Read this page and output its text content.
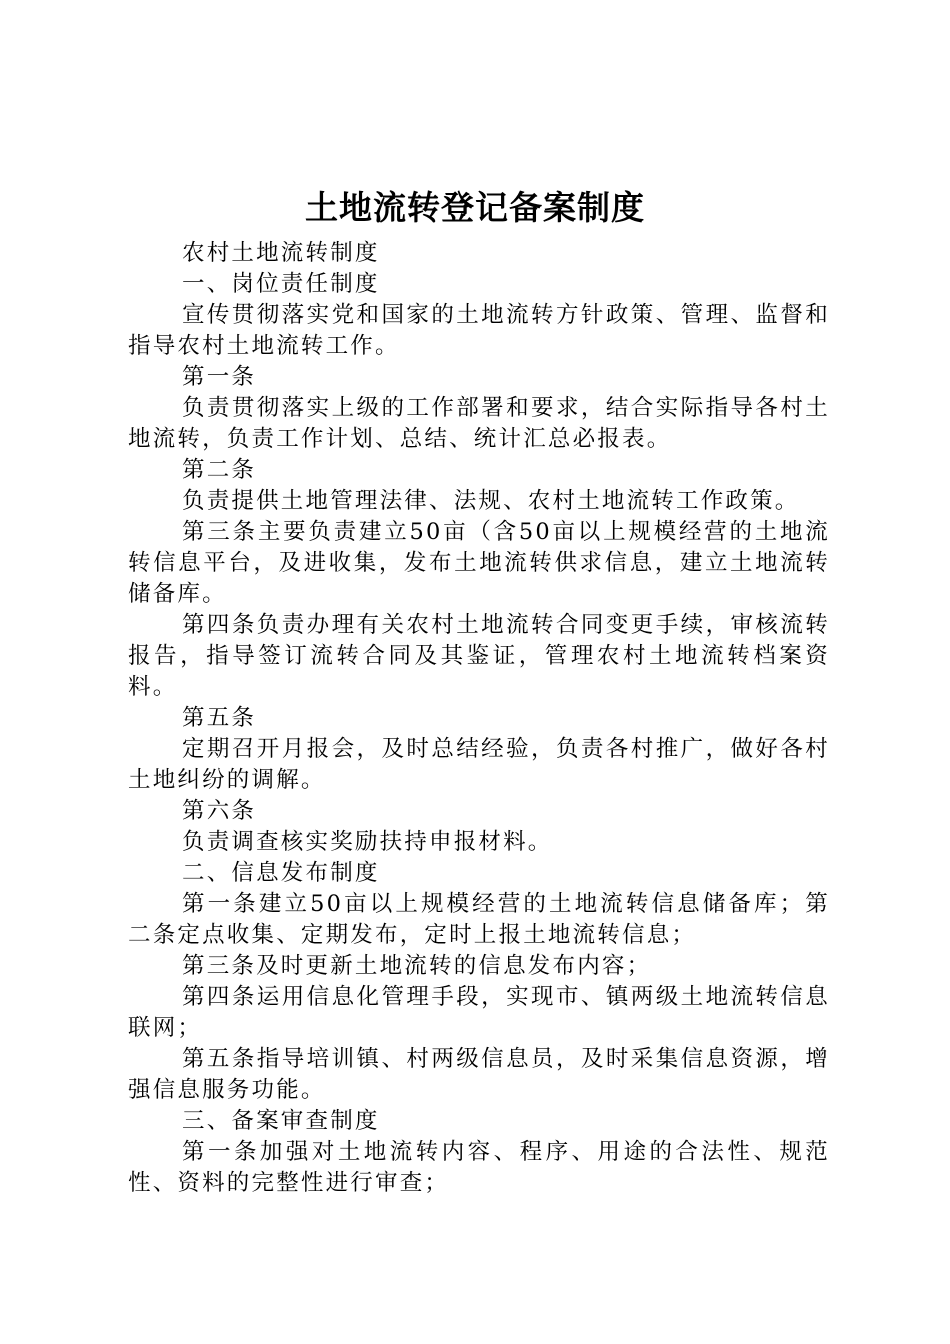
土地流转登记备案制度

农村土地流转制度

一、岗位责任制度

宣传贯彻落实党和国家的土地流转方针政策、管理、监督和指导农村土地流转工作。

第一条

负责贯彻落实上级的工作部署和要求，结合实际指导各村土地流转，负责工作计划、总结、统计汇总必报表。

第二条

负责提供土地管理法律、法规、农村土地流转工作政策。

第三条主要负责建立50亩（含50亩以上规模经营的土地流转信息平台，及进收集，发布土地流转供求信息，建立土地流转储备库。

第四条负责办理有关农村土地流转合同变更手续，审核流转报告，指导签订流转合同及其鉴证，管理农村土地流转档案资料。

第五条

定期召开月报会，及时总结经验，负责各村推广，做好各村土地纠纷的调解。

第六条

负责调查核实奖励扶持申报材料。

二、信息发布制度

第一条建立50亩以上规模经营的土地流转信息储备库；第二条定点收集、定期发布，定时上报土地流转信息；

第三条及时更新土地流转的信息发布内容；

第四条运用信息化管理手段，实现市、镇两级土地流转信息联网；

第五条指导培训镇、村两级信息员，及时采集信息资源，增强信息服务功能。

三、备案审查制度

第一条加强对土地流转内容、程序、用途的合法性、规范性、资料的完整性进行审查；
